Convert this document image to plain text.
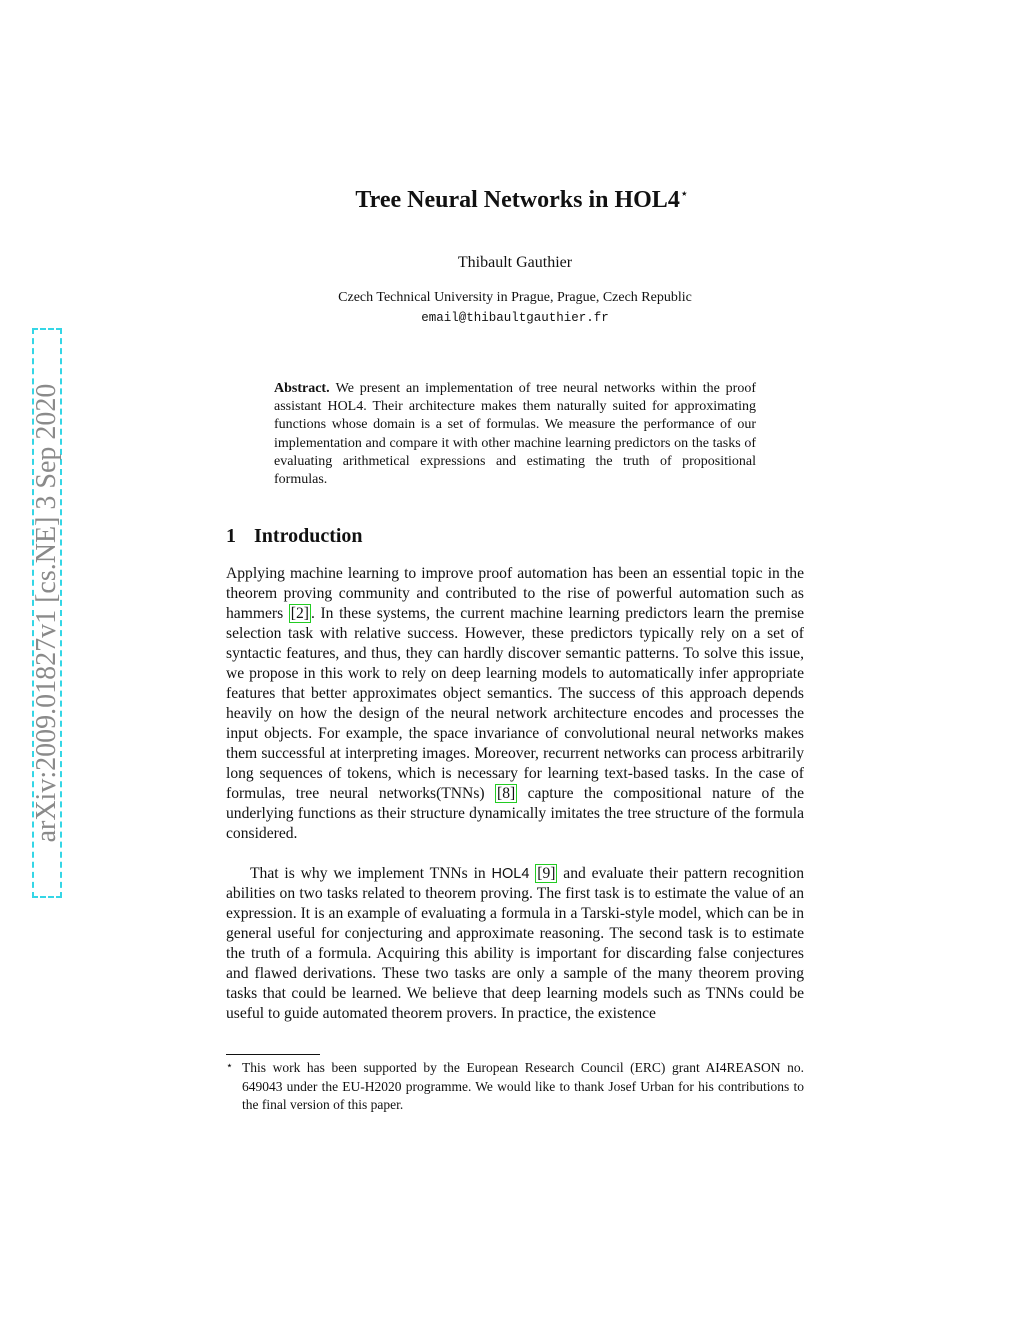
arXiv:2009.01827v1 [cs.NE] 3 Sep 2020
Tree Neural Networks in HOL4⋆
Thibault Gauthier
Czech Technical University in Prague, Prague, Czech Republic
email@thibaultgauthier.fr

Abstract. We present an implementation of tree neural networks within the proof assistant HOL4. Their architecture makes them naturally suited for approximating functions whose domain is a set of formulas. We measure the performance of our implementation and compare it with other machine learning predictors on the tasks of evaluating arithmetical expressions and estimating the truth of propositional formulas.

1 Introduction

Applying machine learning to improve proof automation has been an essential topic in the theorem proving community and contributed to the rise of powerful automation such as hammers [2] . In these systems, the current machine learning predictors learn the premise selection task with relative success. However, these predictors typically rely on a set of syntactic features, and thus, they can hardly discover semantic patterns. To solve this issue, we propose in this work to rely on deep learning models to automatically infer appropriate features that better approximates object semantics. The success of this approach depends heavily on how the design of the neural network architecture encodes and processes the input objects. For example, the space invariance of convolutional neural networks makes them successful at interpreting images. Moreover, recurrent networks can process arbitrarily long sequences of tokens, which is necessary for learning text-based tasks. In the case of formulas, tree neural networks(TNNs) [8] capture the compositional nature of the underlying functions as their structure dynamically imitates the tree structure of the formula considered.

That is why we implement TNNs in HOL4 [9] and evaluate their pattern recognition abilities on two tasks related to theorem proving. The first task is to estimate the value of an expression. It is an example of evaluating a formula in a Tarski-style model, which can be in general useful for conjecturing and approximate reasoning. The second task is to estimate the truth of a formula. Acquiring this ability is important for discarding false conjectures and flawed derivations. These two tasks are only a sample of the many theorem proving tasks that could be learned. We believe that deep learning models such as TNNs could be useful to guide automated theorem provers. In practice, the existence

⋆ This work has been supported by the European Research Council (ERC) grant AI4REASON no. 649043 under the EU-H2020 programme. We would like to thank Josef Urban for his contributions to the final version of this paper.
